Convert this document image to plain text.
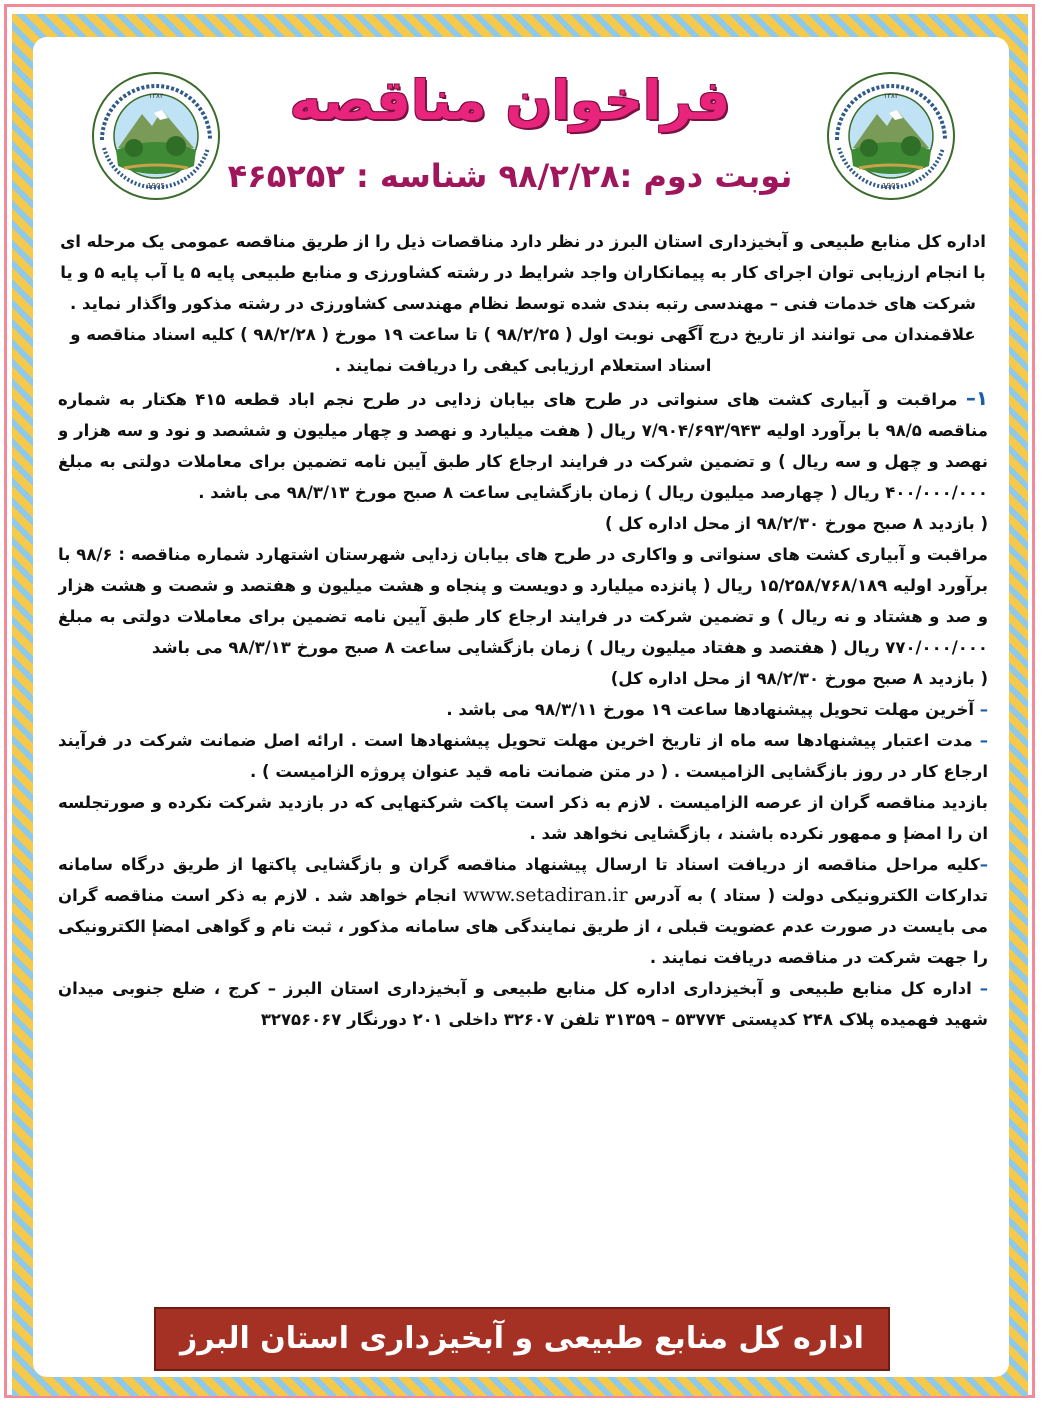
1905
۱۳۸۴
1905
۱۳۸۴
فراخوان مناقصه
نوبت دوم :۹۸/۲/۲۸ شناسه : ۴۶۵۲۵۲

اداره کل منابع طبیعی و آبخیزداری استان البرز در نظر دارد مناقصات ذیل را از طریق مناقصه عمومی یک مرحله ای با انجام ارزیابی توان اجرای کار به پیمانکاران واجد شرایط در رشته کشاورزی و منابع طبیعی پایه ۵ یا آب پایه ۵ و یا شرکت های خدمات فنی – مهندسی رتبه بندی شده توسط نظام مهندسی کشاورزی در رشته مذکور واگذار نماید . علاقمندان می توانند از تاریخ درج آگهی نوبت اول ( ۹۸/۲/۲۵ ) تا ساعت ۱۹ مورخ ( ۹۸/۲/۲۸ ) کلیه اسناد مناقصه و اسناد استعلام ارزیابی کیفی را دریافت نمایند .

۱– مراقبت و آبیاری کشت های سنواتی در طرح های بیابان زدایی در طرح نجم اباد قطعه ۴۱۵ هکتار به شماره مناقصه ۹۸/۵ با برآورد اولیه ۷/۹۰۴/۶۹۳/۹۴۳ ریال ( هفت میلیارد و نهصد و چهار میلیون و ششصد و نود و سه هزار و نهصد و چهل و سه ریال ) و تضمین شرکت در فرایند ارجاع کار طبق آیین نامه تضمین برای معاملات دولتی به مبلغ ۴۰۰/۰۰۰/۰۰۰ ریال ( چهارصد میلیون ریال ) زمان بازگشایی ساعت ۸ صبح مورخ ۹۸/۳/۱۳ می باشد .

( بازدید ۸ صبح مورخ ۹۸/۲/۳۰ از محل اداره کل )

مراقبت و آبیاری کشت های سنواتی و واکاری در طرح های بیابان زدایی شهرستان اشتهارد شماره مناقصه : ۹۸/۶ با برآورد اولیه ۱۵/۲۵۸/۷۶۸/۱۸۹ ریال ( پانزده میلیارد و دویست و پنجاه و هشت میلیون و هفتصد و شصت و هشت هزار و صد و هشتاد و نه ریال ) و تضمین شرکت در فرایند ارجاع کار طبق آیین نامه تضمین برای معاملات دولتی به مبلغ ۷۷۰/۰۰۰/۰۰۰ ریال ( هفتصد و هفتاد میلیون ریال ) زمان بازگشایی ساعت ۸ صبح مورخ ۹۸/۳/۱۳ می باشد

( بازدید ۸ صبح مورخ ۹۸/۲/۳۰ از محل اداره کل)

– آخرین مهلت تحویل پیشنهادها ساعت ۱۹ مورخ ۹۸/۳/۱۱ می باشد .

– مدت اعتبار پیشنهادها سه ماه از تاریخ اخرین مهلت تحویل پیشنهادها است . ارائه اصل ضمانت شرکت در فرآیند ارجاع کار در روز بازگشایی الزامیست . ( در متن ضمانت نامه قید عنوان پروژه الزامیست ) .

بازدید مناقصه گران از عرصه الزامیست . لازم به ذکر است پاکت شرکتهایی که در بازدید شرکت نکرده و صورتجلسه ان را امضإ و ممهور نکرده باشند ، بازگشایی نخواهد شد .

–کلیه مراحل مناقصه از دریافت اسناد تا ارسال پیشنهاد مناقصه گران و بازگشایی پاکتها از طریق درگاه سامانه تدارکات الکترونیکی دولت ( ستاد ) به آدرس www.setadiran.ir انجام خواهد شد . لازم به ذکر است مناقصه گران می بایست در صورت عدم عضویت قبلی ، از طریق نمایندگی های سامانه مذکور ، ثبت نام و گواهی امضإ الکترونیکی را جهت شرکت در مناقصه دریافت نمایند .

– اداره کل منابع طبیعی و آبخیزداری اداره کل منابع طبیعی و آبخیزداری استان البرز – کرج ، ضلع جنوبی میدان شهید فهمیده پلاک ۲۴۸ کدپستی ۵۳۷۷۴ – ۳۱۳۵۹ تلفن ۳۲۶۰۷ داخلی ۲۰۱ دورنگار ۳۲۷۵۶۰۶۷

اداره کل منابع طبیعی و آبخیزداری استان البرز
